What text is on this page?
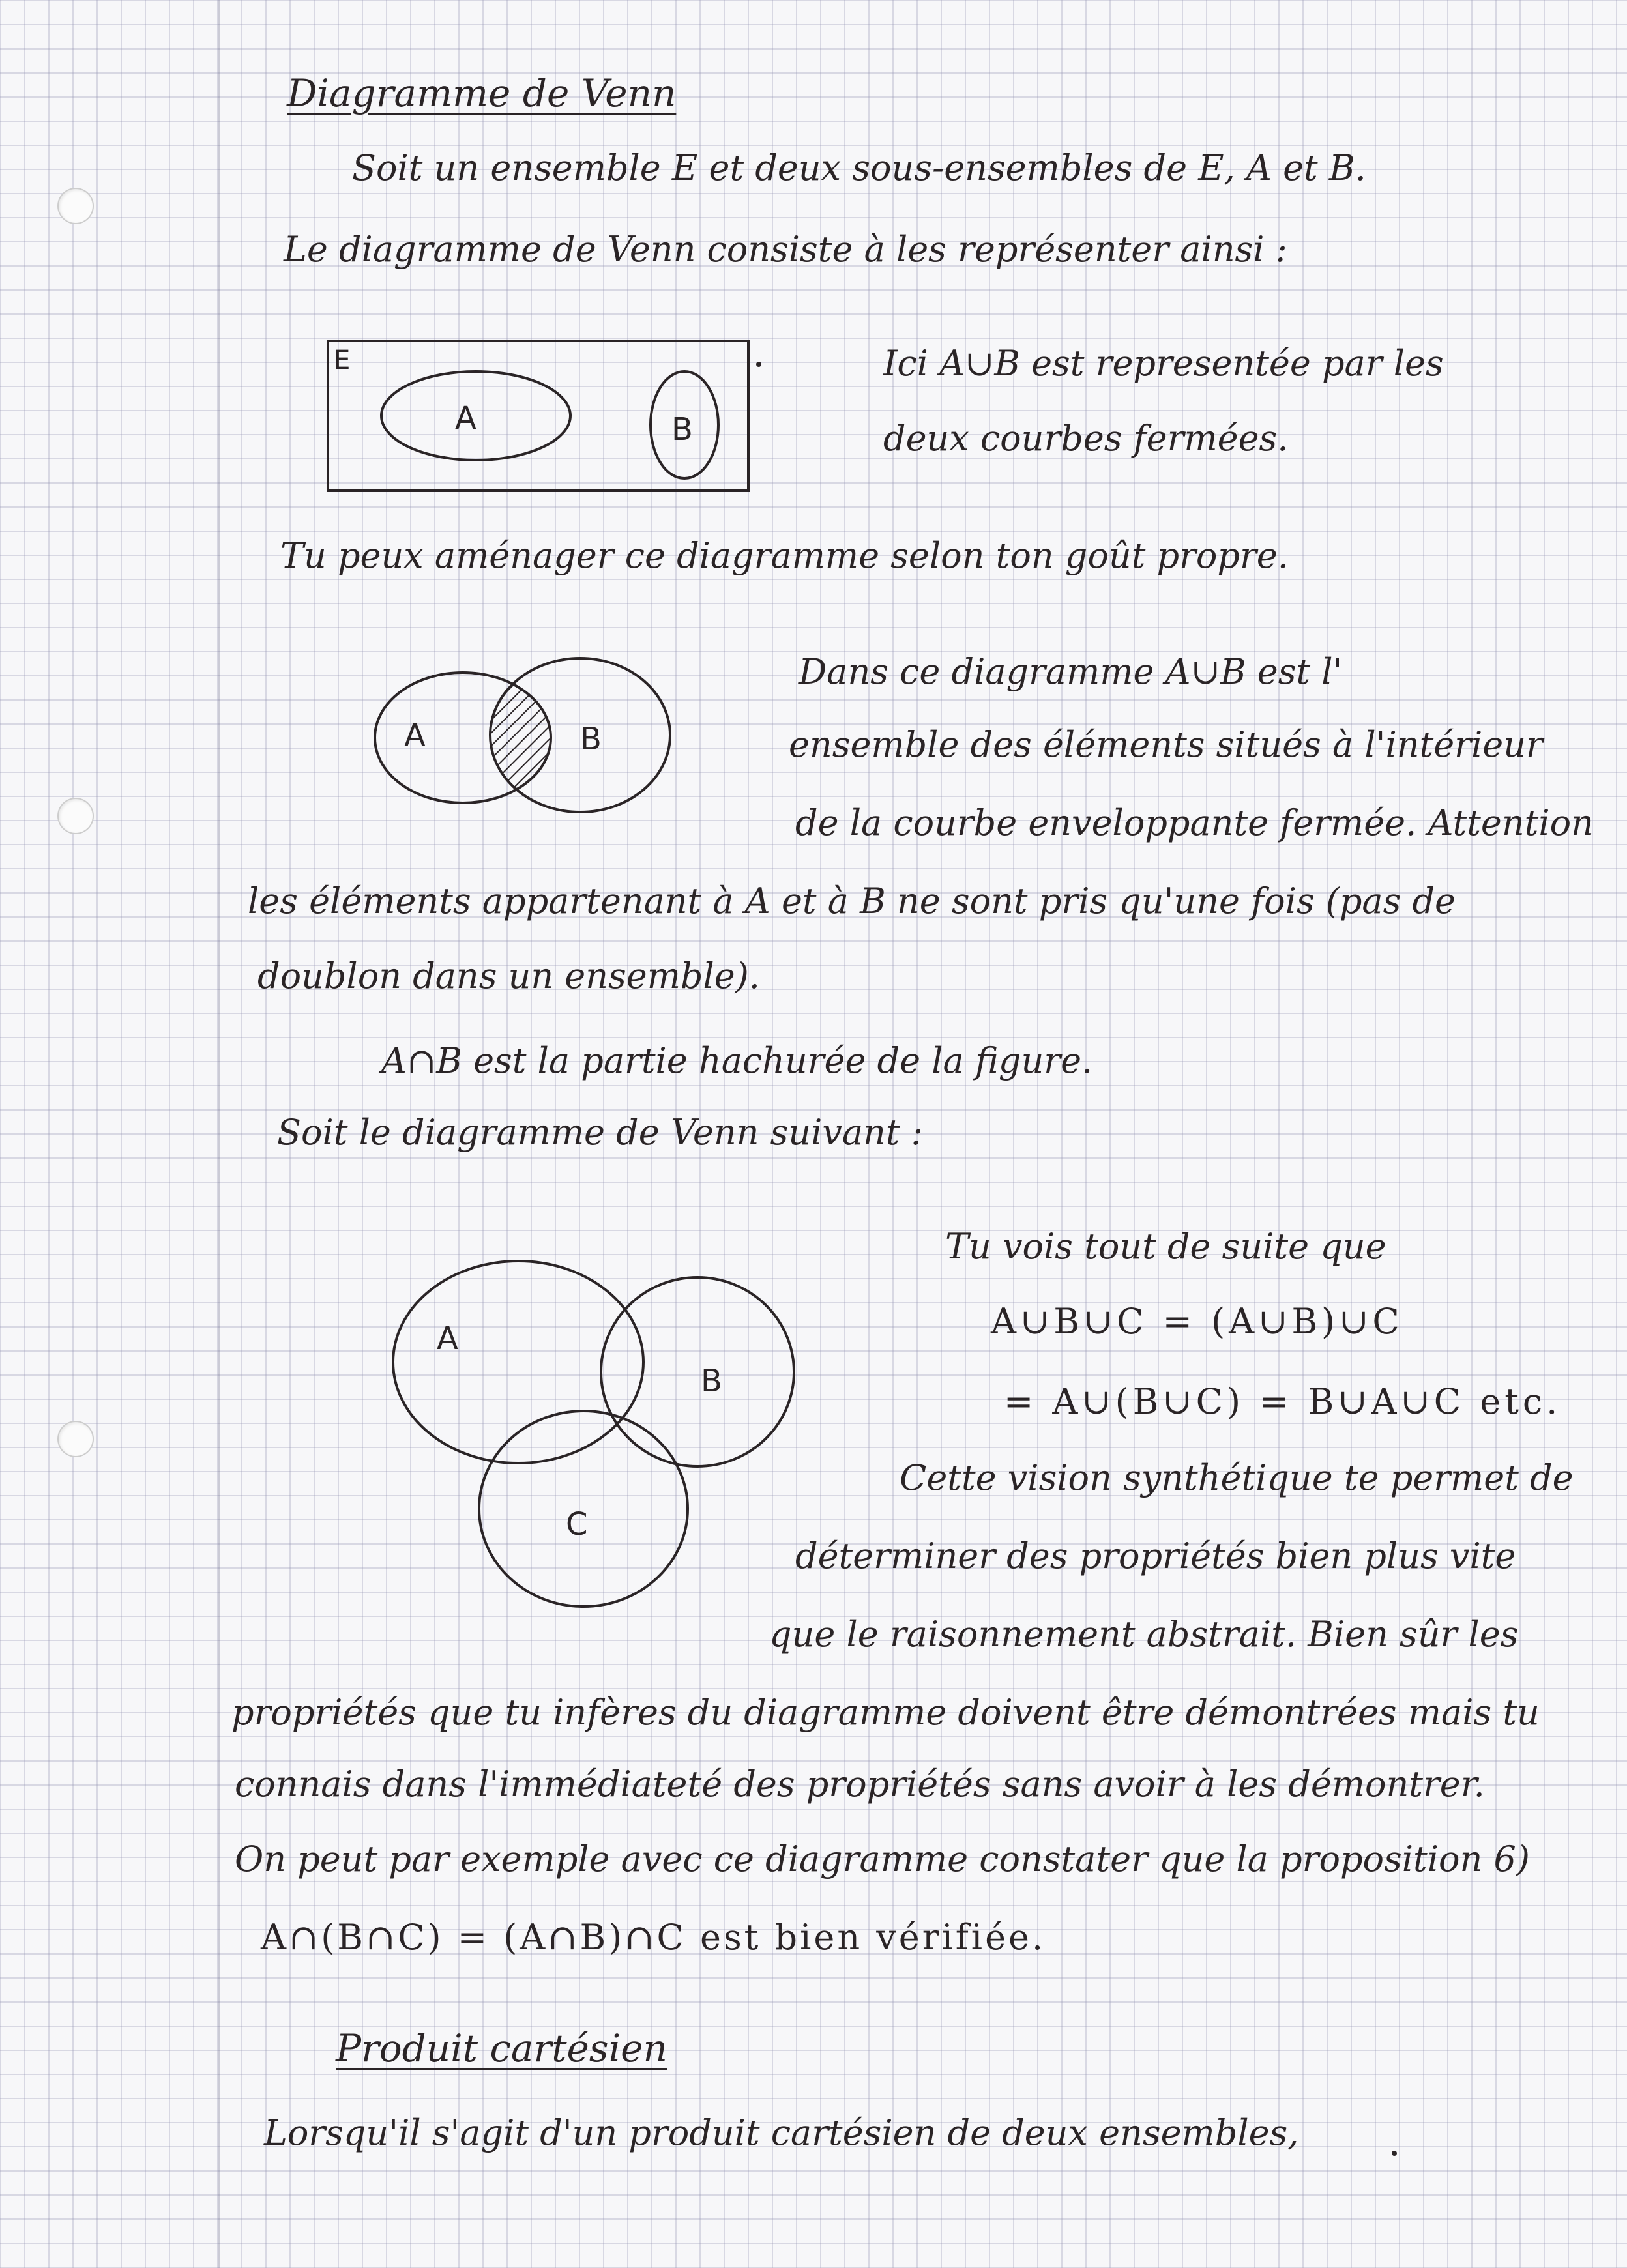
Diagramme de Venn
Soit un ensemble E et deux sous-ensembles de E, A et B.
Le diagramme de Venn consiste à les représenter ainsi :
E
A	B
Ici A∪B est representée par les
deux courbes fermées.
Tu peux aménager ce diagramme selon ton goût propre.
A	B
Dans ce diagramme A∪B est l'
ensemble des éléments situés à l'intérieur
de la courbe enveloppante fermée. Attention
les éléments appartenant à A et à B ne sont pris qu'une fois (pas de
doublon dans un ensemble).
A∩B est la partie hachurée de la figure.
Soit le diagramme de Venn suivant :
A
B
C
Tu vois tout de suite que
A∪B∪C = (A∪B)∪C
= A∪(B∪C) = B∪A∪C etc.
Cette vision synthétique te permet de
déterminer des propriétés bien plus vite
que le raisonnement abstrait. Bien sûr les
propriétés que tu infères du diagramme doivent être démontrées mais tu
connais dans l'immédiateté des propriétés sans avoir à les démontrer.
On peut par exemple avec ce diagramme constater que la proposition 6)
A∩(B∩C) = (A∩B)∩C est bien vérifiée.
Produit cartésien
Lorsqu'il s'agit d'un produit cartésien de deux ensembles,
